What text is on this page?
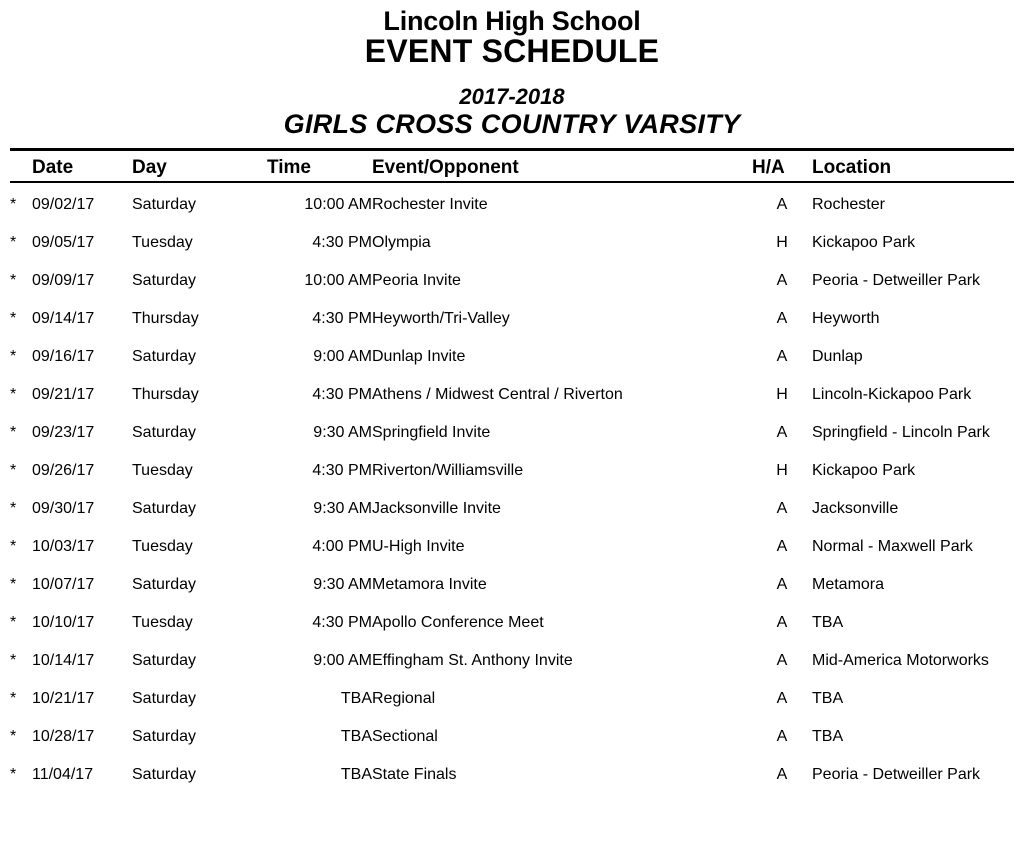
Lincoln High School
EVENT SCHEDULE
2017-2018
GIRLS CROSS COUNTRY VARSITY
	Date	Day	Time	Event/Opponent	H/A	Location
*	09/02/17	Saturday	10:00 AM	Rochester Invite	A	Rochester
*	09/05/17	Tuesday	4:30 PM	Olympia	H	Kickapoo Park
*	09/09/17	Saturday	10:00 AM	Peoria Invite	A	Peoria - Detweiller Park
*	09/14/17	Thursday	4:30 PM	Heyworth/Tri-Valley	A	Heyworth
*	09/16/17	Saturday	9:00 AM	Dunlap Invite	A	Dunlap
*	09/21/17	Thursday	4:30 PM	Athens / Midwest Central / Riverton	H	Lincoln-Kickapoo Park
*	09/23/17	Saturday	9:30 AM	Springfield Invite	A	Springfield - Lincoln Park
*	09/26/17	Tuesday	4:30 PM	Riverton/Williamsville	H	Kickapoo Park
*	09/30/17	Saturday	9:30 AM	Jacksonville Invite	A	Jacksonville
*	10/03/17	Tuesday	4:00 PM	U-High Invite	A	Normal - Maxwell Park
*	10/07/17	Saturday	9:30 AM	Metamora Invite	A	Metamora
*	10/10/17	Tuesday	4:30 PM	Apollo Conference Meet	A	TBA
*	10/14/17	Saturday	9:00 AM	Effingham St. Anthony Invite	A	Mid-America Motorworks
*	10/21/17	Saturday	TBA	Regional	A	TBA
*	10/28/17	Saturday	TBA	Sectional	A	TBA
*	11/04/17	Saturday	TBA	State Finals	A	Peoria - Detweiller Park
